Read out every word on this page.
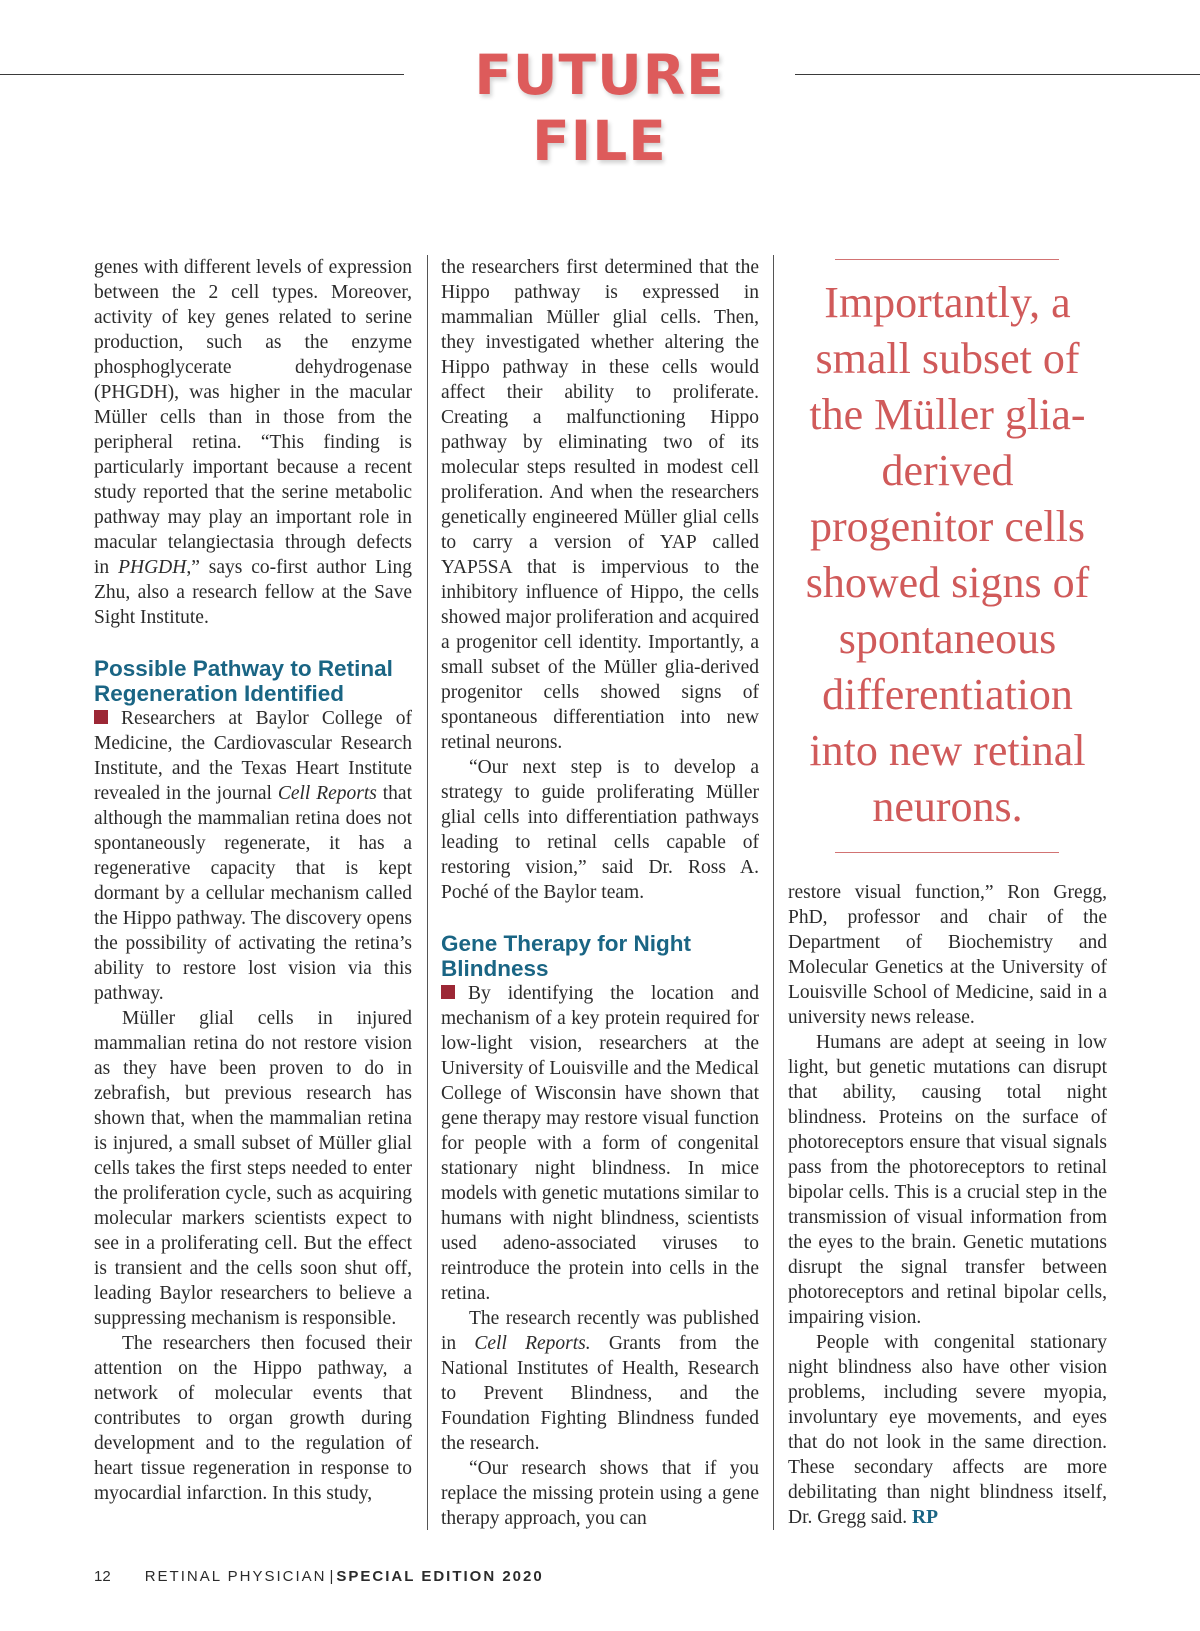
FUTURE FILE

genes with different levels of expression between the 2 cell types. Moreover, activity of key genes related to serine production, such as the enzyme phosphoglycerate dehydrogenase (PHGDH), was higher in the macular Müller cells than in those from the peripheral retina. “This finding is particularly important because a recent study reported that the serine metabolic pathway may play an important role in macular telangiectasia through defects in PHGDH,” says co-first author Ling Zhu, also a research fellow at the Save Sight Institute.

Possible Pathway to Retinal Regeneration Identified

Researchers at Baylor College of Medicine, the Cardiovascular Research Institute, and the Texas Heart Institute revealed in the journal Cell Reports that although the mammalian retina does not spontaneously regenerate, it has a regenerative capacity that is kept dormant by a cellular mechanism called the Hippo pathway. The discovery opens the possibility of activating the retina’s ability to restore lost vision via this pathway.

Müller glial cells in injured mammalian retina do not restore vision as they have been proven to do in zebrafish, but previous research has shown that, when the mammalian retina is injured, a small subset of Müller glial cells takes the first steps needed to enter the proliferation cycle, such as acquiring molecular markers scientists expect to see in a proliferating cell. But the effect is transient and the cells soon shut off, leading Baylor researchers to believe a suppressing mechanism is responsible.

The researchers then focused their attention on the Hippo pathway, a network of molecular events that contributes to organ growth during development and to the regulation of heart tissue regeneration in response to myocardial infarction. In this study,

the researchers first determined that the Hippo pathway is expressed in mammalian Müller glial cells. Then, they investigated whether altering the Hippo pathway in these cells would affect their ability to proliferate. Creating a malfunctioning Hippo pathway by eliminating two of its molecular steps resulted in modest cell proliferation. And when the researchers genetically engineered Müller glial cells to carry a version of YAP called YAP5SA that is impervious to the inhibitory influence of Hippo, the cells showed major proliferation and acquired a progenitor cell identity. Importantly, a small subset of the Müller glia-derived progenitor cells showed signs of spontaneous differentiation into new retinal neurons.

“Our next step is to develop a strategy to guide proliferating Müller glial cells into differentiation pathways leading to retinal cells capable of restoring vision,” said Dr. Ross A. Poché of the Baylor team.

Gene Therapy for Night Blindness

By identifying the location and mechanism of a key protein required for low-light vision, researchers at the University of Louisville and the Medical College of Wisconsin have shown that gene therapy may restore visual function for people with a form of congenital stationary night blindness. In mice models with genetic mutations similar to humans with night blindness, scientists used adeno-associated viruses to reintroduce the protein into cells in the retina.

The research recently was published in Cell Reports. Grants from the National Institutes of Health, Research to Prevent Blindness, and the Foundation Fighting Blindness funded the research.

“Our research shows that if you replace the missing protein using a gene therapy approach, you can

Importantly, a small subset of the Müller glia-derived progenitor cells showed signs of spontaneous differentiation into new retinal neurons.

restore visual function,” Ron Gregg, PhD, professor and chair of the Department of Biochemistry and Molecular Genetics at the University of Louisville School of Medicine, said in a university news release.

Humans are adept at seeing in low light, but genetic mutations can disrupt that ability, causing total night blindness. Proteins on the surface of photoreceptors ensure that visual signals pass from the photoreceptors to retinal bipolar cells. This is a crucial step in the transmission of visual information from the eyes to the brain. Genetic mutations disrupt the signal transfer between photoreceptors and retinal bipolar cells, impairing vision.

People with congenital stationary night blindness also have other vision problems, including severe myopia, involuntary eye movements, and eyes that do not look in the same direction. These secondary affects are more debilitating than night blindness itself, Dr. Gregg said. RP

12 RETINAL PHYSICIAN | SPECIAL EDITION 2020
